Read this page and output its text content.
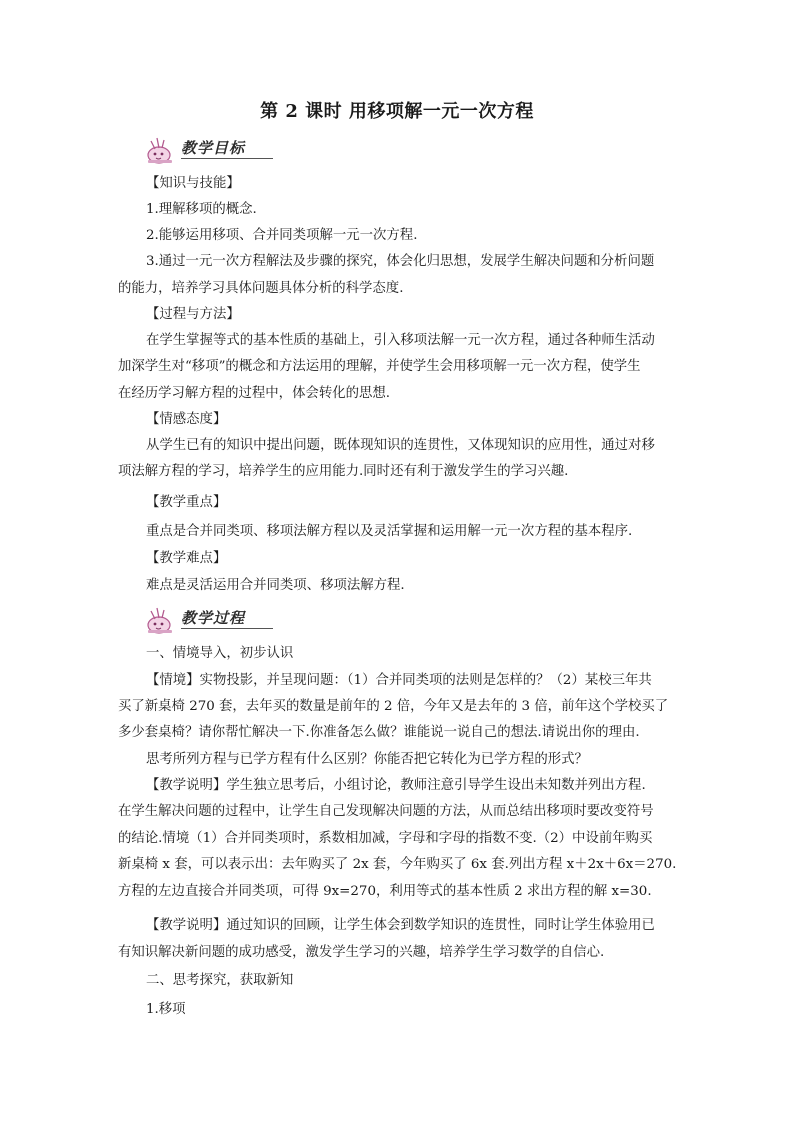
第 2 课时 用移项解一元一次方程
教学目标
【知识与技能】
1.理解移项的概念.
2.能够运用移项、合并同类项解一元一次方程.
3.通过一元一次方程解法及步骤的探究，体会化归思想，发展学生解决问题和分析问题
的能力，培养学习具体问题具体分析的科学态度.
【过程与方法】
在学生掌握等式的基本性质的基础上，引入移项法解一元一次方程，通过各种师生活动
加深学生对“移项”的概念和方法运用的理解，并使学生会用移项解一元一次方程，使学生
在经历学习解方程的过程中，体会转化的思想.
【情感态度】
从学生已有的知识中提出问题，既体现知识的连贯性，又体现知识的应用性，通过对移
项法解方程的学习，培养学生的应用能力.同时还有利于激发学生的学习兴趣.
【教学重点】
重点是合并同类项、移项法解方程以及灵活掌握和运用解一元一次方程的基本程序.
【教学难点】
难点是灵活运用合并同类项、移项法解方程.
教学过程
一、情境导入，初步认识
【情境】实物投影，并呈现问题：（1）合并同类项的法则是怎样的？（2）某校三年共
买了新桌椅 270 套，去年买的数量是前年的 2 倍，今年又是去年的 3 倍，前年这个学校买了
多少套桌椅？请你帮忙解决一下.你准备怎么做？谁能说一说自己的想法.请说出你的理由.
思考所列方程与已学方程有什么区别？你能否把它转化为已学方程的形式？
【教学说明】学生独立思考后，小组讨论，教师注意引导学生设出未知数并列出方程.
在学生解决问题的过程中，让学生自己发现解决问题的方法，从而总结出移项时要改变符号
的结论.情境（1）合并同类项时，系数相加减，字母和字母的指数不变.（2）中设前年购买
新桌椅 x 套，可以表示出：去年购买了 2x 套，今年购买了 6x 套.列出方程 x＋2x＋6x＝270.
方程的左边直接合并同类项，可得 9x=270，利用等式的基本性质 2 求出方程的解 x=30.
【教学说明】通过知识的回顾，让学生体会到数学知识的连贯性，同时让学生体验用已
有知识解决新问题的成功感受，激发学生学习的兴趣，培养学生学习数学的自信心.
二、思考探究，获取新知
1.移项
